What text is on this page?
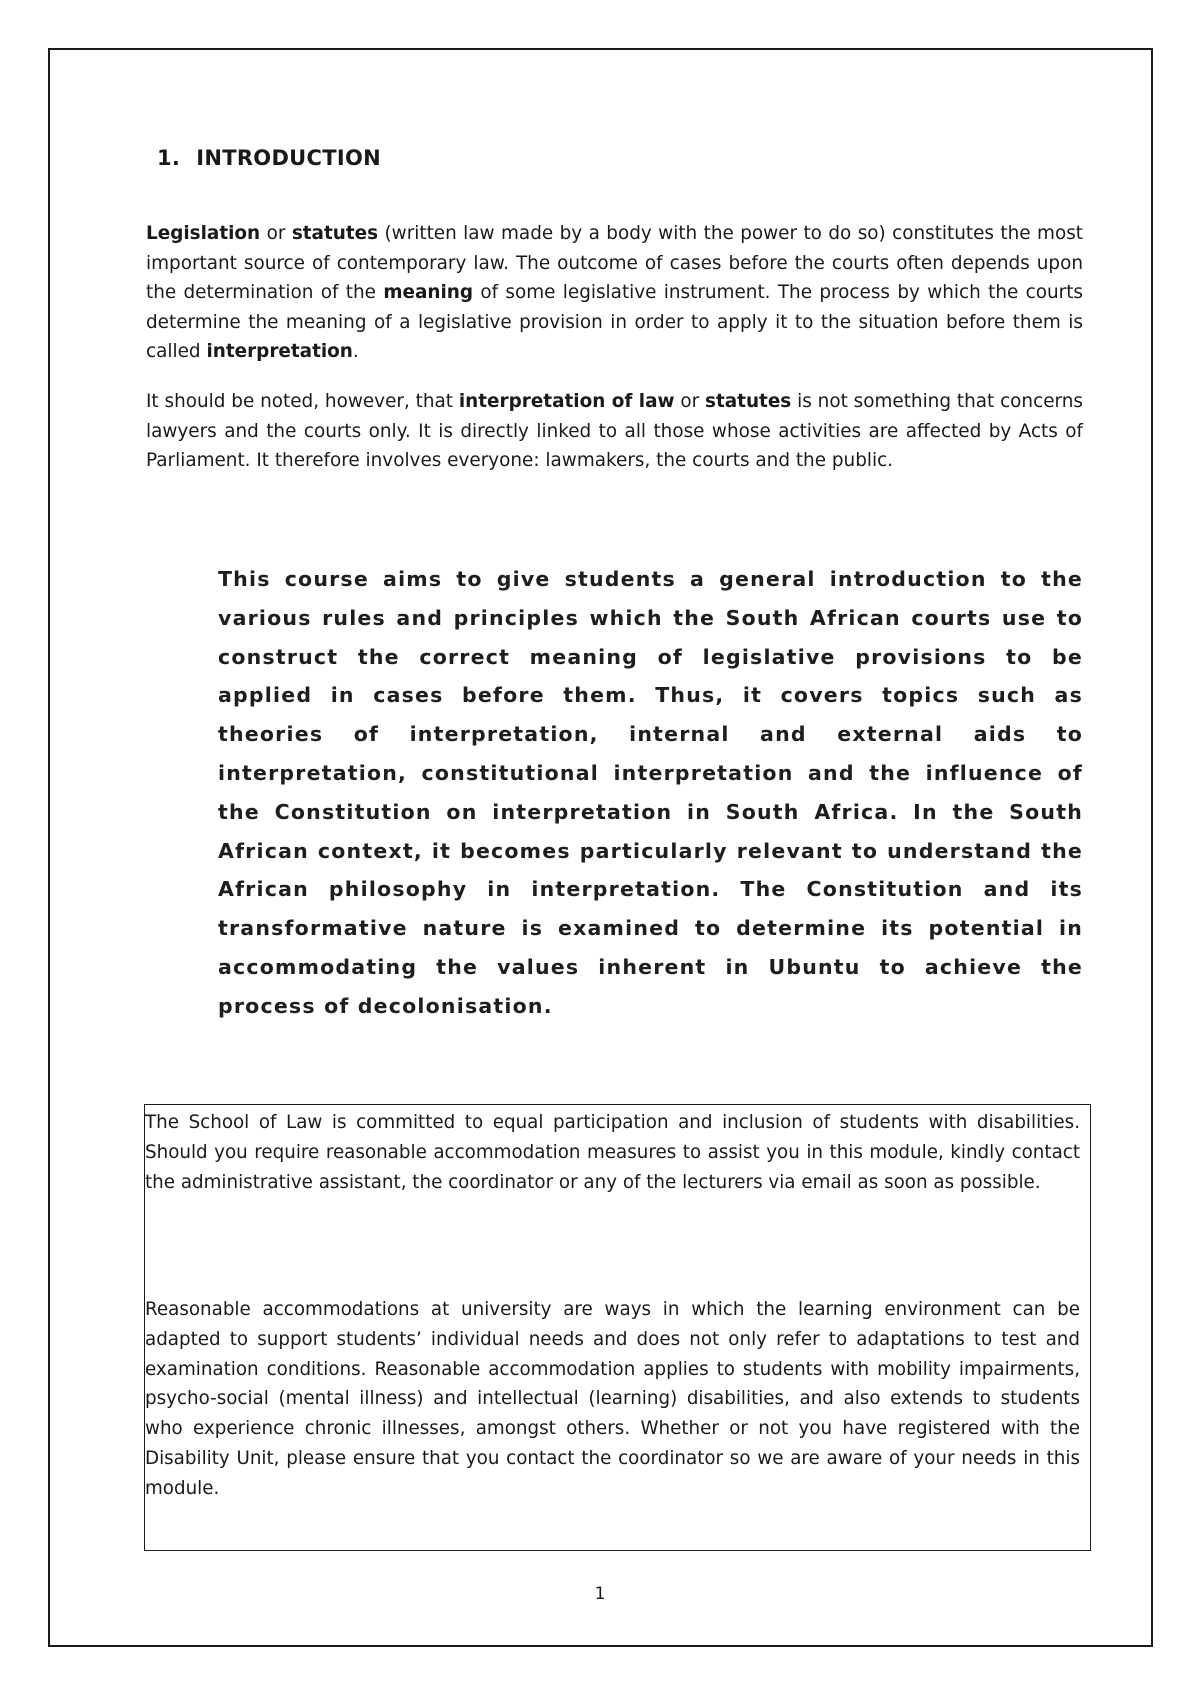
1. INTRODUCTION

Legislation or statutes (written law made by a body with the power to do so) constitutes the most important source of contemporary law. The outcome of cases before the courts often depends upon the determination of the meaning of some legislative instrument. The process by which the courts determine the meaning of a legislative provision in order to apply it to the situation before them is called interpretation.

It should be noted, however, that interpretation of law or statutes is not something that concerns lawyers and the courts only. It is directly linked to all those whose activities are affected by Acts of Parliament. It therefore involves everyone: lawmakers, the courts and the public.

This course aims to give students a general introduction to the various rules and principles which the South African courts use to construct the correct meaning of legislative provisions to be applied in cases before them. Thus, it covers topics such as theories of interpretation, internal and external aids to interpretation, constitutional interpretation and the influence of the Constitution on interpretation in South Africa. In the South African context, it becomes particularly relevant to understand the African philosophy in interpretation. The Constitution and its transformative nature is examined to determine its potential in accommodating the values inherent in Ubuntu to achieve the process of decolonisation.

The School of Law is committed to equal participation and inclusion of students with disabilities. Should you require reasonable accommodation measures to assist you in this module, kindly contact the administrative assistant, the coordinator or any of the lecturers via email as soon as possible.

Reasonable accommodations at university are ways in which the learning environment can be adapted to support students’ individual needs and does not only refer to adaptations to test and examination conditions. Reasonable accommodation applies to students with mobility impairments, psycho-social (mental illness) and intellectual (learning) disabilities, and also extends to students who experience chronic illnesses, amongst others. Whether or not you have registered with the Disability Unit, please ensure that you contact the coordinator so we are aware of your needs in this module.

1
